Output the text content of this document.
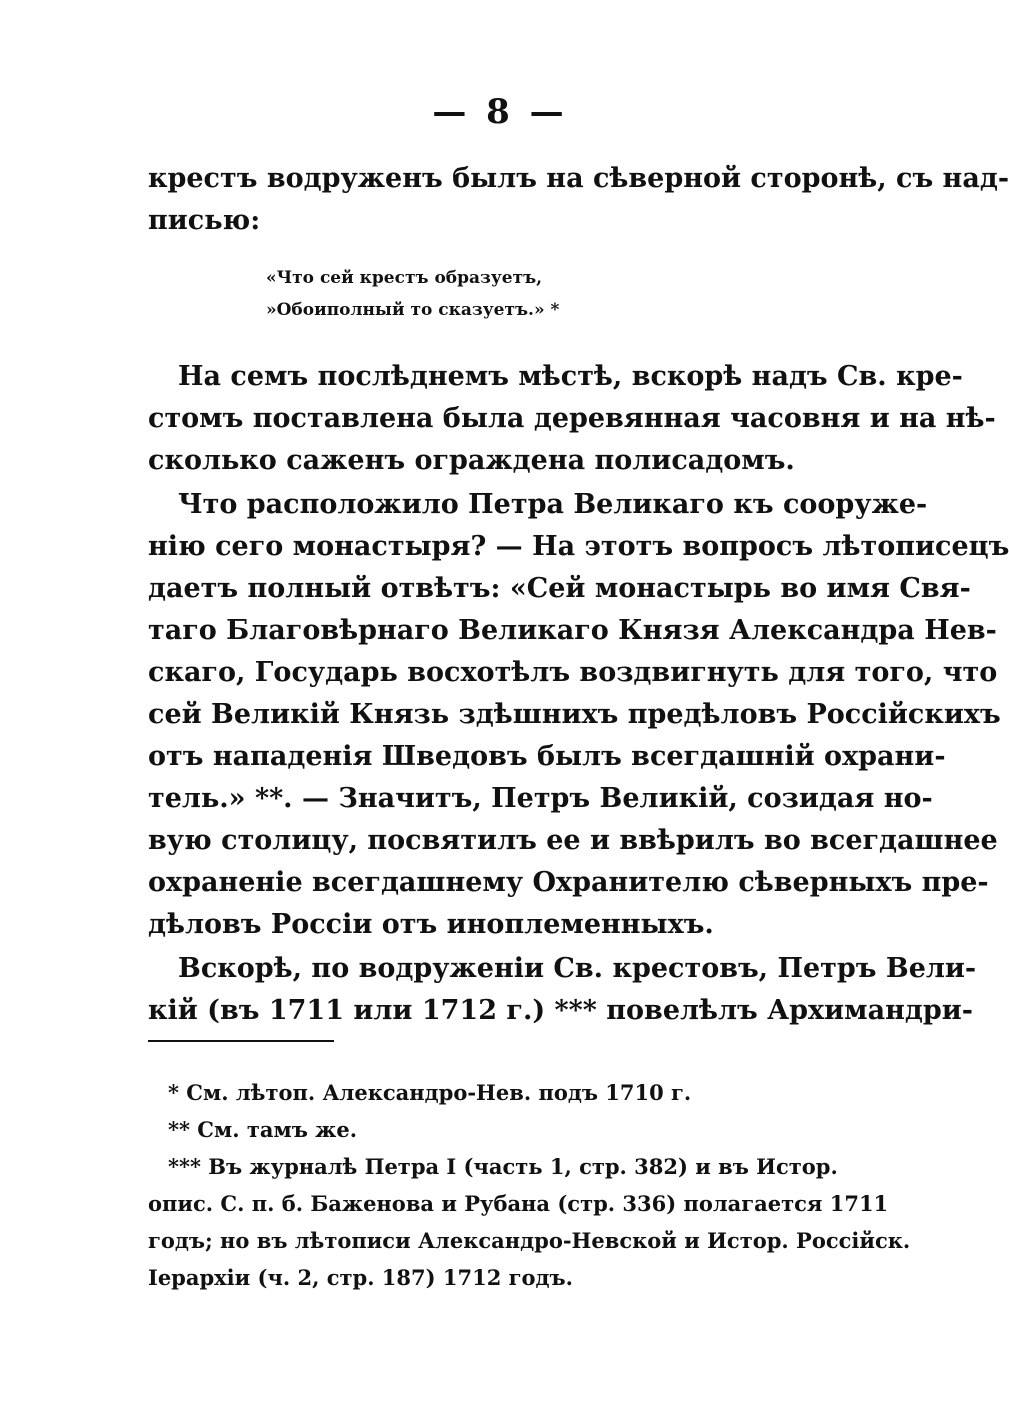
— 8 —
крестъ водруженъ былъ на сѣверной сторонѣ, съ над-
писью:
«Что сей крестъ образуетъ,
»Обоиполный то сказуетъ.» *
На семъ послѣднемъ мѣстѣ, вскорѣ надъ Св. кре-
стомъ поставлена была деревянная часовня и на нѣ-
сколько саженъ ограждена полисадомъ.
Что расположило Петра Великаго къ сооруже-
нію сего монастыря? — На этотъ вопросъ лѣтописецъ
даетъ полный отвѣтъ: «Сей монастырь во имя Свя-
таго Благовѣрнаго Великаго Князя Александра Нев-
скаго, Государь восхотѣлъ воздвигнуть для того, что
сей Великій Князь здѣшнихъ предѣловъ Россійскихъ
отъ нападенія Шведовъ былъ всегдашній охрани-
тель.» **. — Значитъ, Петръ Великій, созидая но-
вую столицу, посвятилъ ее и ввѣрилъ во всегдашнее
охраненіе всегдашнему Охранителю сѣверныхъ пре-
дѣловъ Россіи отъ иноплеменныхъ.
Вскорѣ, по водруженіи Св. крестовъ, Петръ Вели-
кій (въ 1711 или 1712 г.) *** повелѣлъ Архимандри-
* См. лѣтоп. Александро-Нев. подъ 1710 г.
** См. тамъ же.
*** Въ журналѣ Петра I (часть 1, стр. 382) и въ Истор.
опис. С. п. б. Баженова и Рубана (стр. 336) полагается 1711
годъ; но въ лѣтописи Александро-Невской и Истор. Россійск.
Іерархіи (ч. 2, стр. 187) 1712 годъ.
